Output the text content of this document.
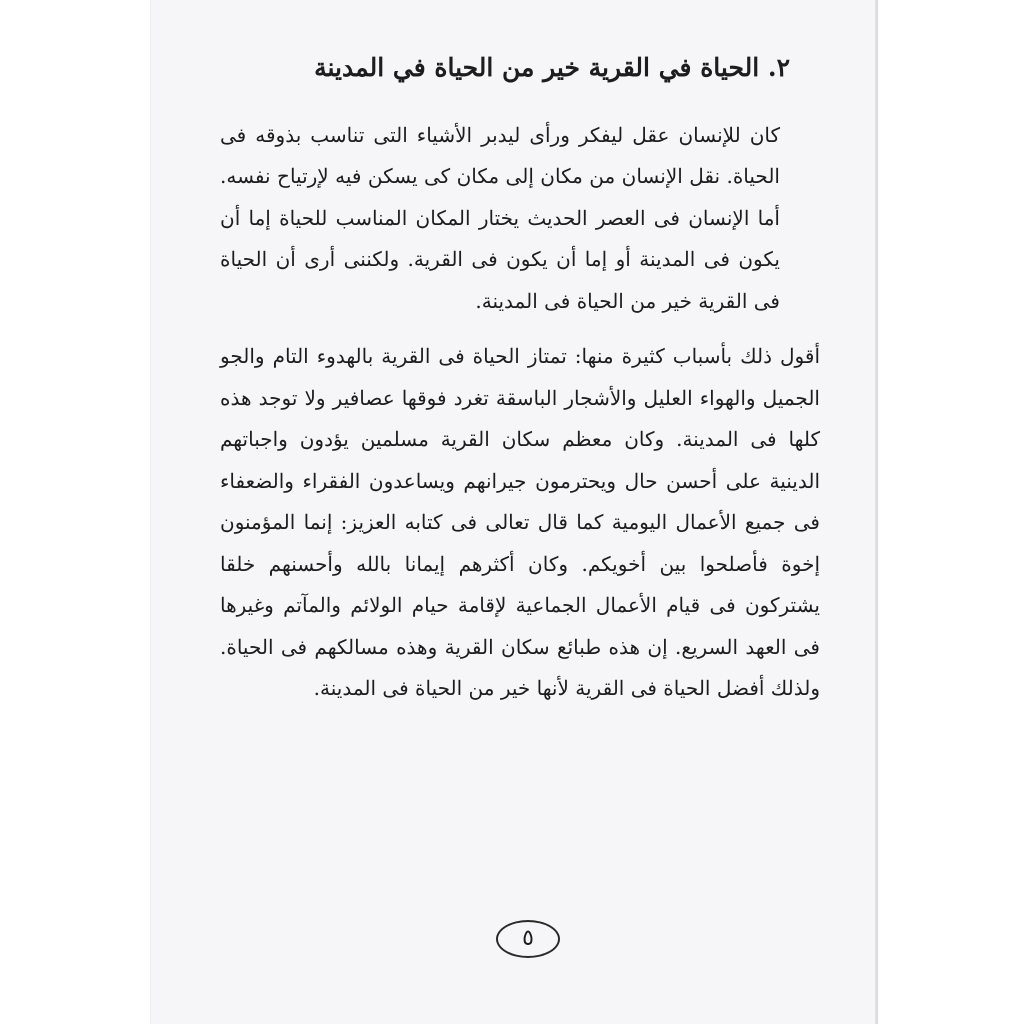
٢. الحياة في القرية خير من الحياة في المدينة

كان للإنسان عقل ليفكر ورأى ليدبر الأشياء التى تناسب بذوقه فى الحياة. نقل الإنسان من مكان إلى مكان كى يسكن فيه لإرتياح نفسه. أما الإنسان فى العصر الحديث يختار المكان المناسب للحياة إما أن يكون فى المدينة أو إما أن يكون فى القرية. ولكننى أرى أن الحياة فى القرية خير من الحياة فى المدينة.

أقول ذلك بأسباب كثيرة منها: تمتاز الحياة فى القرية بالهدوء التام والجو الجميل والهواء العليل والأشجار الباسقة تغرد فوقها عصافير ولا توجد هذه كلها فى المدينة. وكان معظم سكان القرية مسلمين يؤدون واجباتهم الدينية على أحسن حال ويحترمون جيرانهم ويساعدون الفقراء والضعفاء فى جميع الأعمال اليومية كما قال تعالى فى كتابه العزيز: إنما المؤمنون إخوة فأصلحوا بين أخويكم. وكان أكثرهم إيمانا بالله وأحسنهم خلقا يشتركون فى قيام الأعمال الجماعية لإقامة حيام الولائم والمآتم وغيرها فى العهد السريع. إن هذه طبائع سكان القرية وهذه مسالكهم فى الحياة. ولذلك أفضل الحياة فى القرية لأنها خير من الحياة فى المدينة.

٥
